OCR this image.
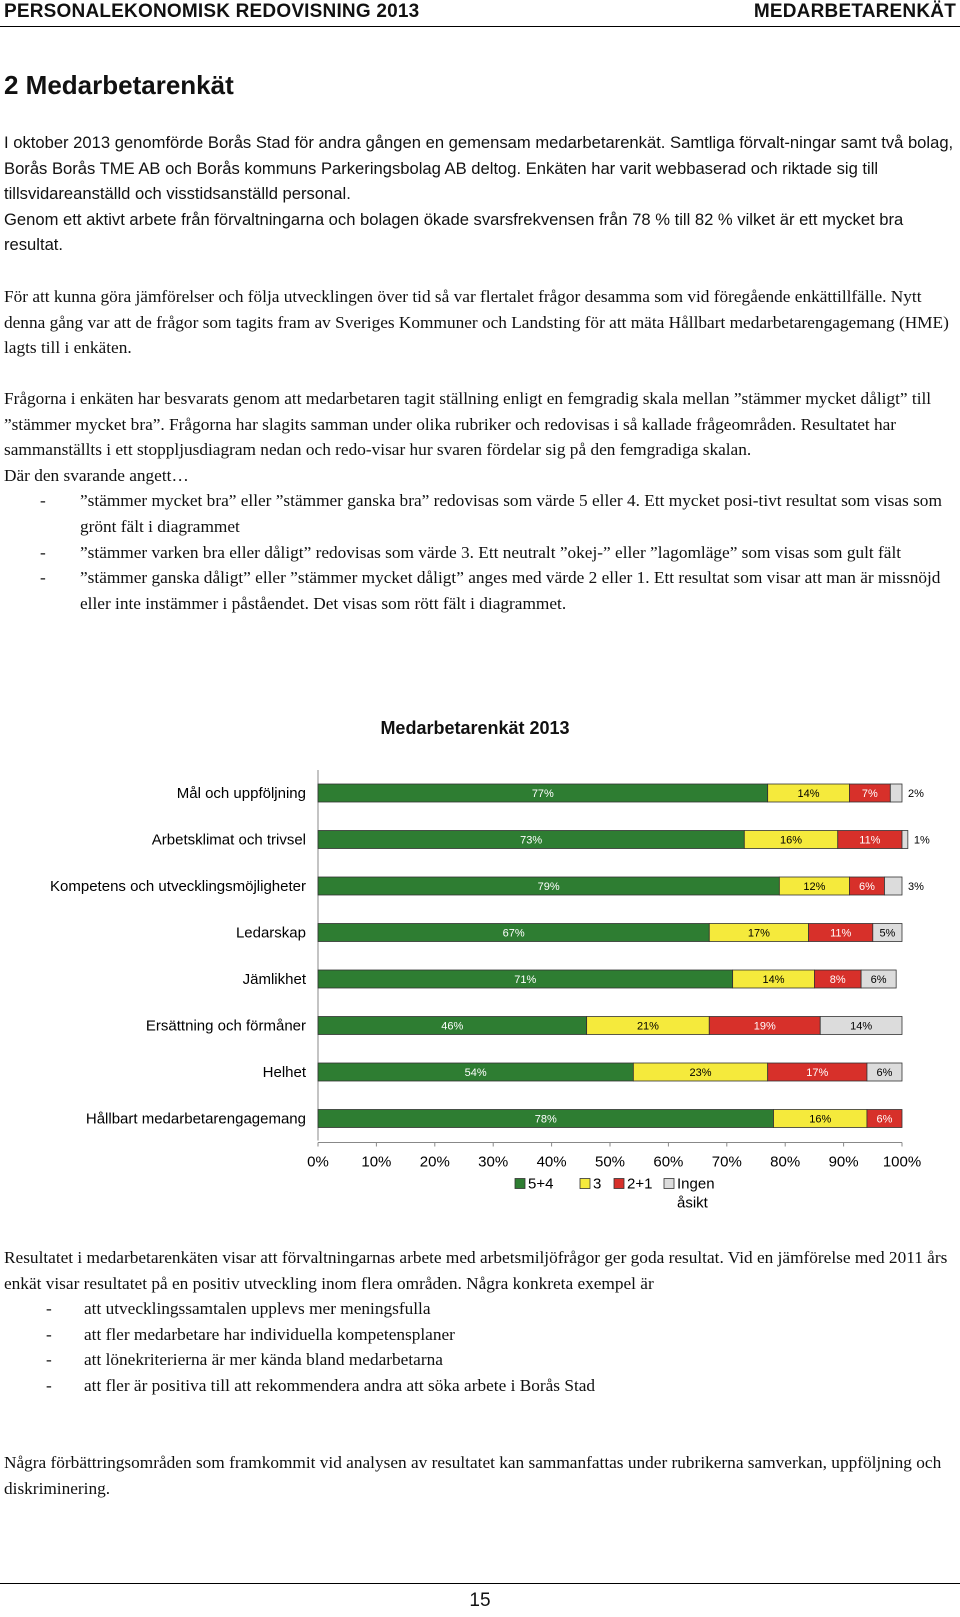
PERSONALEKONOMISK REDOVISNING 2013	MEDARBETARENKÄT
2 Medarbetarenkät

I oktober 2013 genomförde Borås Stad för andra gången en gemensam medarbetarenkät. Samtliga förvalt-ningar samt två bolag, Borås Borås TME AB och Borås kommuns Parkeringsbolag AB deltog. Enkäten har varit webbaserad och riktade sig till tillsvidareanställd och visstidsanställd personal.

Genom ett aktivt arbete från förvaltningarna och bolagen ökade svarsfrekvensen från 78 % till 82 % vilket är ett mycket bra resultat.

För att kunna göra jämförelser och följa utvecklingen över tid så var flertalet frågor desamma som vid föregående enkättillfälle. Nytt denna gång var att de frågor som tagits fram av Sveriges Kommuner och Landsting för att mäta Hållbart medarbetarengagemang (HME) lagts till i enkäten.

Frågorna i enkäten har besvarats genom att medarbetaren tagit ställning enligt en femgradig skala mellan ”stämmer mycket dåligt” till ”stämmer mycket bra”. Frågorna har slagits samman under olika rubriker och redovisas i så kallade frågeområden. Resultatet har sammanställts i ett stoppljusdiagram nedan och redo-visar hur svaren fördelar sig på den femgradiga skalan.

Där den svarande angett…

- ”stämmer mycket bra” eller ”stämmer ganska bra” redovisas som värde 5 eller 4. Ett mycket posi-tivt resultat som visas som grönt fält i diagrammet
- ”stämmer varken bra eller dåligt” redovisas som värde 3. Ett neutralt ”okej-” eller ”lagomläge” som visas som gult fält
- ”stämmer ganska dåligt” eller ”stämmer mycket dåligt” anges med värde 2 eller 1. Ett resultat som visar att man är missnöjd eller inte instämmer i påståendet. Det visas som rött fält i diagrammet.
Medarbetarenkät 2013
Mål och uppföljning	77%	14%	7%	2%
Arbetsklimat och trivsel	73%	16%	11%	1%
Kompetens och utvecklingsmöjligheter	79%	12%	6%	3%
Ledarskap	67%	17%	11%	5%
Jämlikhet	71%	14%	8% 6%
Ersättning och förmåner	46%	21%	19%	14%
Helhet	54%	23%	17%	6%
Hållbart medarbetarengagemang	78%	16%	6%
0% 10% 20% 30% 40% 50% 60% 70% 80% 90% 100%
5+4	3 2+1 Ingen åsikt

Resultatet i medarbetarenkäten visar att förvaltningarnas arbete med arbetsmiljöfrågor ger goda resultat. Vid en jämförelse med 2011 års enkät visar resultatet på en positiv utveckling inom flera områden. Några konkreta exempel är

- att utvecklingssamtalen upplevs mer meningsfulla
- att fler medarbetare har individuella kompetensplaner
- att lönekriterierna är mer kända bland medarbetarna
- att fler är positiva till att rekommendera andra att söka arbete i Borås Stad

Några förbättringsområden som framkommit vid analysen av resultatet kan sammanfattas under rubrikerna samverkan, uppföljning och diskriminering.

15
